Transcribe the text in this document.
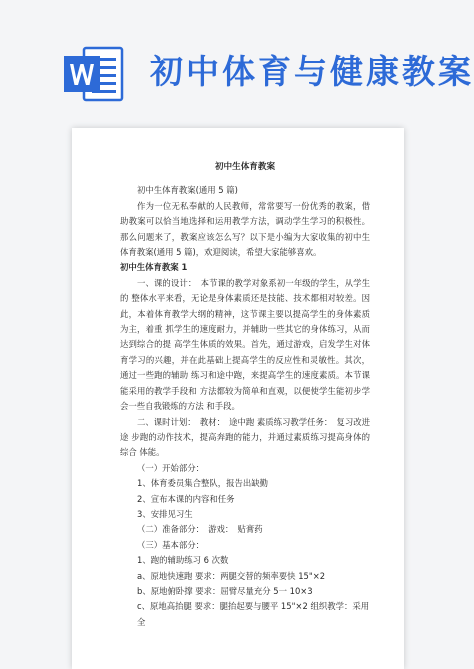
初中体育与健康教案

初中生体育教案

初中生体育教案(通用 5 篇)

作为一位无私奉献的人民教师，常常要写一份优秀的教案，借助教案可以恰当地选择和运用教学方法，调动学生学习的积极性。那么问题来了，教案应该怎么写？以下是小编为大家收集的初中生体育教案(通用 5 篇)，欢迎阅读，希望大家能够喜欢。

初中生体育教案 1

一、课的设计：　本节课的教学对象系初一年级的学生，从学生的 整体水平来看，无论是身体素质还是技能、技术都相对较差。因此，本着体育教学大纲的精神，这节课主要以提高学生的身体素质为主，着重 抓学生的速度耐力，并辅助一些其它的身体练习，从而达到综合的提 高学生体质的效果。首先，通过游戏，启发学生对体育学习的兴趣，并在此基础上提高学生的反应性和灵敏性。其次，通过一些跑的辅助 练习和途中跑，来提高学生的速度素质。本节课能采用的教学手段和 方法都较为简单和直观，以便使学生能初步学会一些自我锻炼的方法 和手段。

二、课时计划：　教材：　途中跑 素质练习教学任务：　复习改进途 步跑的动作技术，提高奔跑的能力，并通过素质练习提高身体的综合 体能。

（一）开始部分：

1、体育委员集合整队，报告出缺勤

2、宣布本课的内容和任务

3、安排见习生

（二）准备部分：　游戏：　贴膏药

（三）基本部分：

1、跑的辅助练习 6 次数

a、原地快速跑 要求：两腿交替的频率要快 15"×2

b、原地俯卧撑 要求：屈臂尽量充分 5一 10×3

c、原地高抬腿 要求：腿抬起要与腰平 15"×2 组织教学：采用全
